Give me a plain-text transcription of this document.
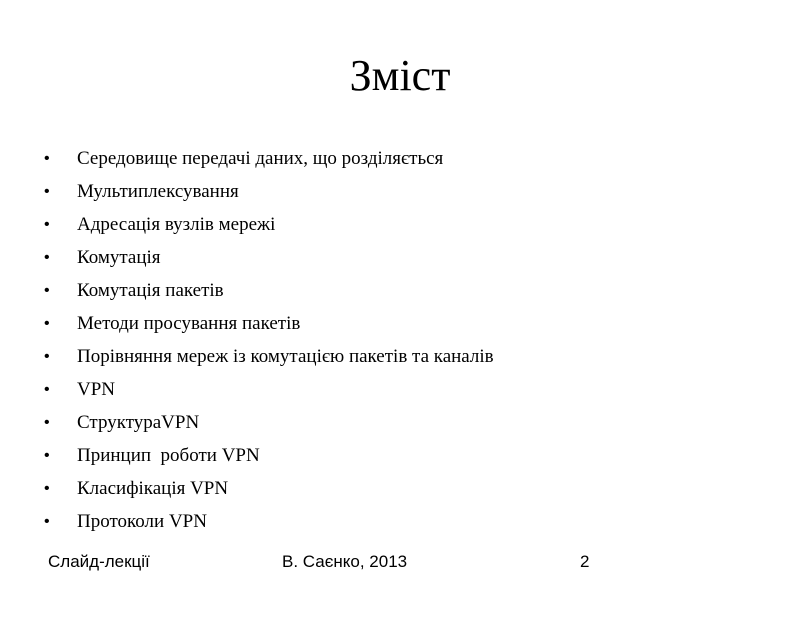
Зміст

•

Середовище передачі даних, що розділяється

•

Мультиплексування

•

Адресація вузлів мережі

•

Комутація

•

Комутація пакетів

•

Методи просування пакетів

•

Порівняння мереж із комутацією пакетів та каналів

•

VPN

•

СтруктураVPN

•

Принцип  роботи VPN

•

Класифікація VPN

•

Протоколи VPN

Слайд-лекції	В. Саєнко, 2013	2
